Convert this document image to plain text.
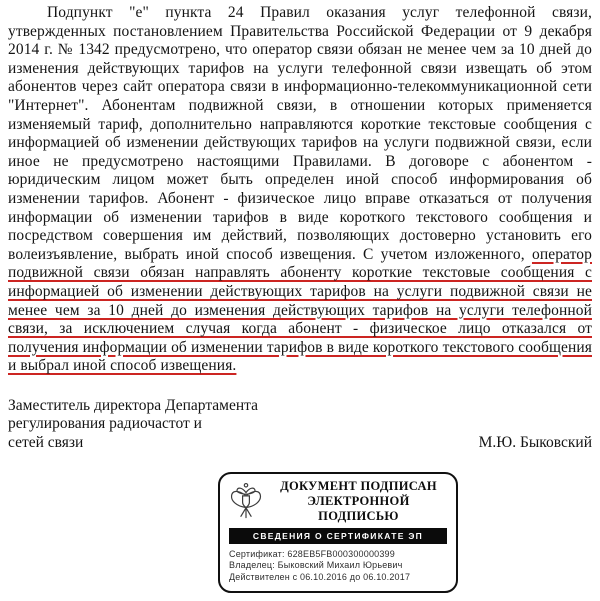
Подпункт "е" пункта 24 Правил оказания услуг телефонной связи, утвержденных постановлением Правительства Российской Федерации от 9 декабря 2014 г. № 1342 предусмотрено, что оператор связи обязан не менее чем за 10 дней до изменения действующих тарифов на услуги телефонной связи извещать об этом абонентов через сайт оператора связи в информационно-телекоммуникационной сети "Интернет". Абонентам подвижной связи, в отношении которых применяется изменяемый тариф, дополнительно направляются короткие текстовые сообщения с информацией об изменении действующих тарифов на услуги подвижной связи, если иное не предусмотрено настоящими Правилами. В договоре с абонентом - юридическим лицом может быть определен иной способ информирования об изменении тарифов. Абонент - физическое лицо вправе отказаться от получения информации об изменении тарифов в виде короткого текстового сообщения и посредством совершения им действий, позволяющих достоверно установить его волеизъявление, выбрать иной способ извещения. С учетом изложенного, оператор подвижной связи обязан направлять абоненту короткие текстовые сообщения с информацией об изменении действующих тарифов на услуги подвижной связи не менее чем за 10 дней до изменения действующих тарифов на услуги телефонной связи, за исключением случая когда абонент - физическое лицо отказался от получения информации об изменении тарифов в виде короткого текстового сообщения и выбрал иной способ извещения.

Заместитель директора Департамента
регулирования радиочастот и
сетей связи	М.Ю. Быковский
ДОКУМЕНТ ПОДПИСАН
ЭЛЕКТРОННОЙ ПОДПИСЬЮ
СВЕДЕНИЯ О СЕРТИФИКАТЕ ЭП
Сертификат: 628EB5FB000300000399
Владелец: Быковский Михаил Юрьевич
Действителен с 06.10.2016 до 06.10.2017
